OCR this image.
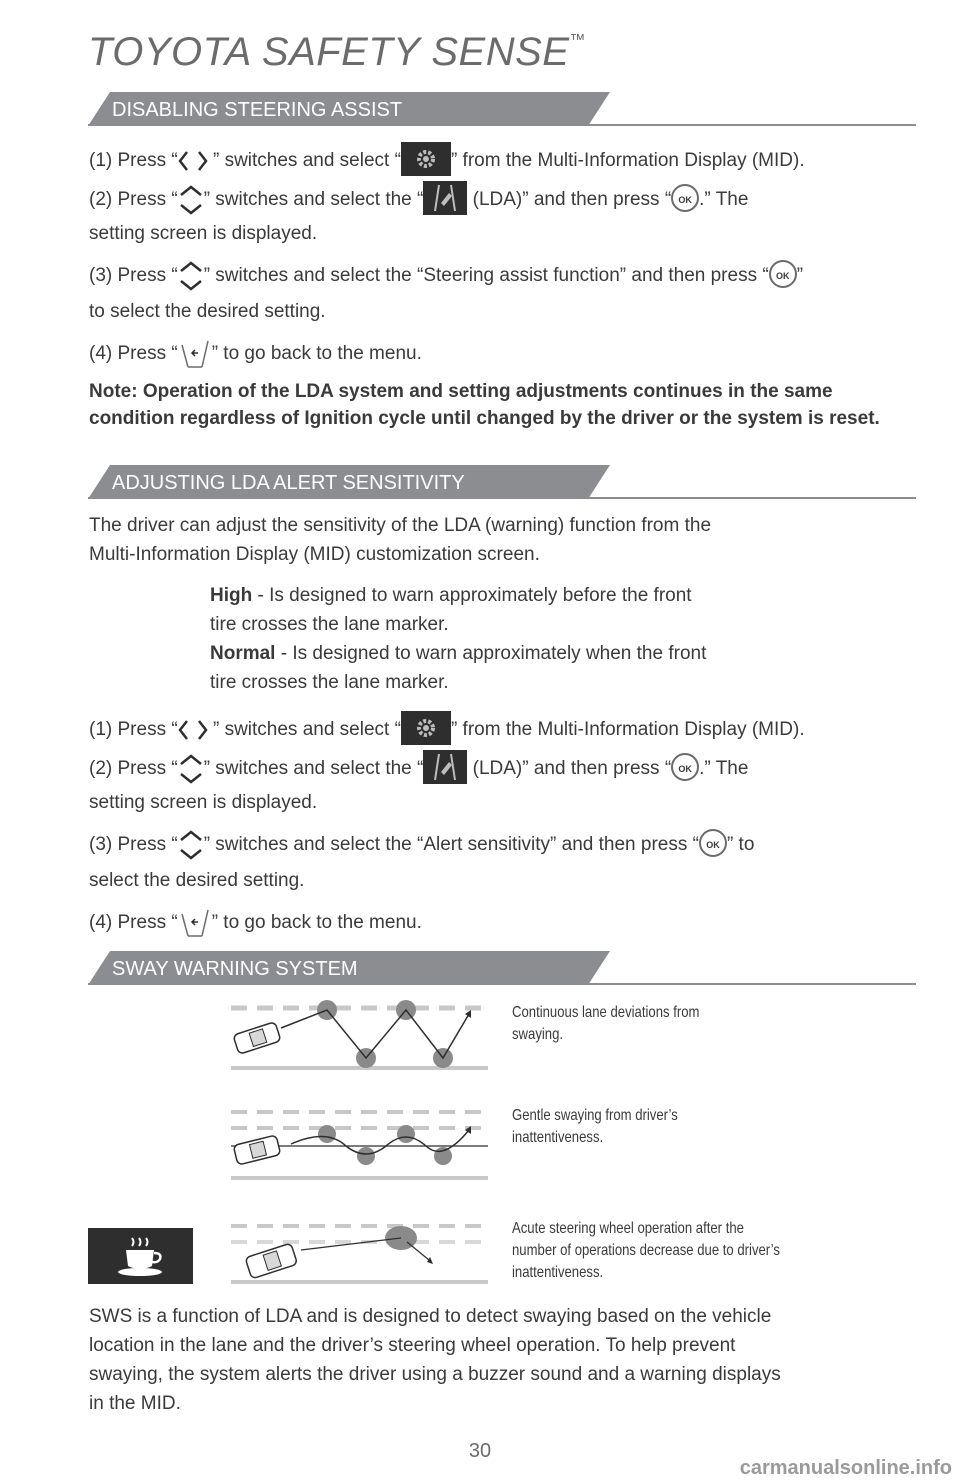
TOYOTA SAFETY SENSE™
DISABLING STEERING ASSIST
(1) Press “ ” switches and select “	” from the Multi-Information Display (MID).
(2) Press “ ” switches and select the “ (LDA)” and then press “ OK .” The
setting screen is displayed.
(3) Press “ ” switches and select the “Steering assist function” and then press “ OK ”
to select the desired setting.
(4) Press “ ” to go back to the menu.
Note: Operation of the LDA system and setting adjustments continues in the same condition regardless of Ignition cycle until changed by the driver or the system is reset.
ADJUSTING LDA ALERT SENSITIVITY
The driver can adjust the sensitivity of the LDA (warning) function from the
Multi-Information Display (MID) customization screen.
High - Is designed to warn approximately before the front
tire crosses the lane marker.
Normal - Is designed to warn approximately when the front
tire crosses the lane marker.
(1) Press “ ” switches and select “	” from the Multi-Information Display (MID).
(2) Press “ ” switches and select the “ (LDA)” and then press “ OK .” The
setting screen is displayed.
(3) Press “ ” switches and select the “Alert sensitivity” and then press “ OK ” to
select the desired setting.
(4) Press “ ” to go back to the menu.
SWAY WARNING SYSTEM
Continuous lane deviations from
swaying.
Gentle swaying from driver’s
inattentiveness.
Acute steering wheel operation after the
number of operations decrease due to driver’s
inattentiveness.
SWS is a function of LDA and is designed to detect swaying based on the vehicle
location in the lane and the driver’s steering wheel operation. To help prevent
swaying, the system alerts the driver using a buzzer sound and a warning displays
in the MID.
30
carmanualsonline.info
